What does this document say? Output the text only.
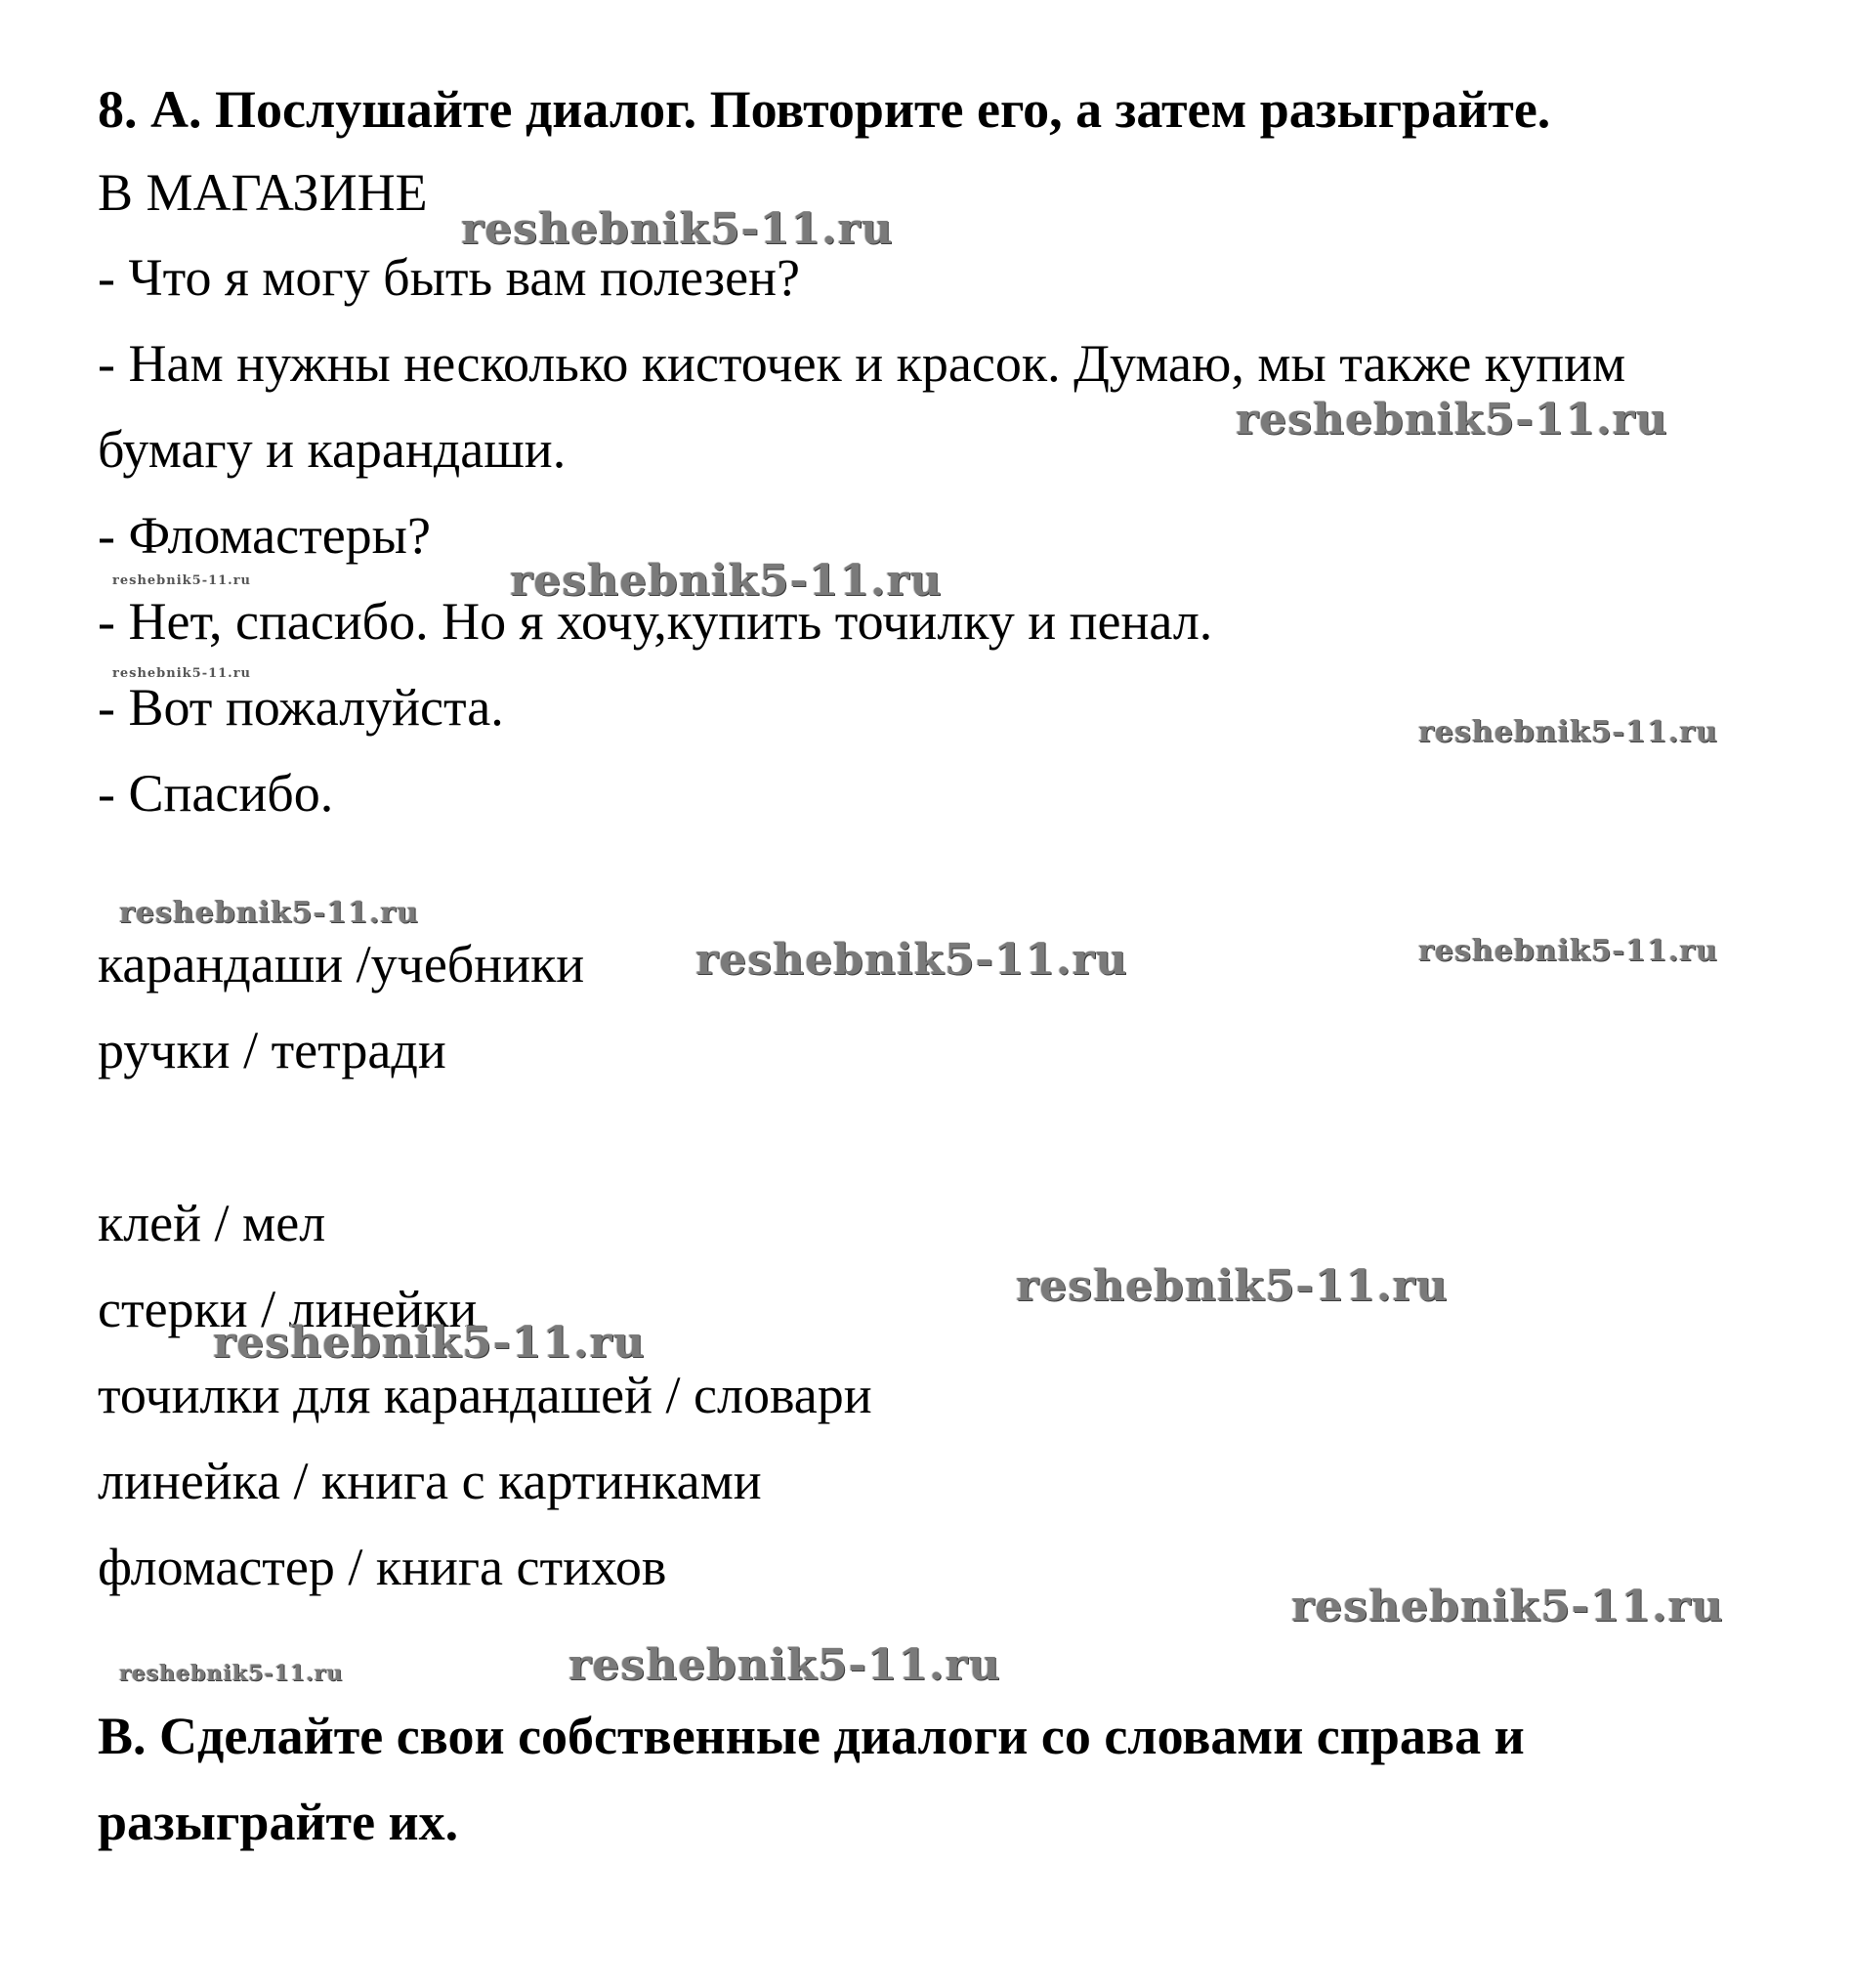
8. А. Послушайте диалог. Повторите его, а затем разыграйте.
В МАГАЗИНЕ
- Что я могу быть вам полезен?
- Нам нужны несколько кисточек и красок. Думаю, мы также купим
бумагу и карандаши.
- Фломастеры?
- Нет, спасибо. Но я хочу,купить точилку и пенал.
- Вот пожалуйста.
- Спасибо.
карандаши /учебники
ручки / тетради
клей / мел
стерки / линейки
точилки для карандашей / словари
линейка / книга с картинками
фломастер / книга стихов
В. Сделайте свои собственные диалоги со словами справа и
разыграйте их.
reshebnik5-11.ru
reshebnik5-11.ru
reshebnik5-11.ru	reshebnik5-11.ru
reshebnik5-11.ru
reshebnik5-11.ru
reshebnik5-11.ru
reshebnik5-11.ru	reshebnik5-11.ru
reshebnik5-11.ru
reshebnik5-11.ru
reshebnik5-11.ru
reshebnik5-11.ru	reshebnik5-11.ru
